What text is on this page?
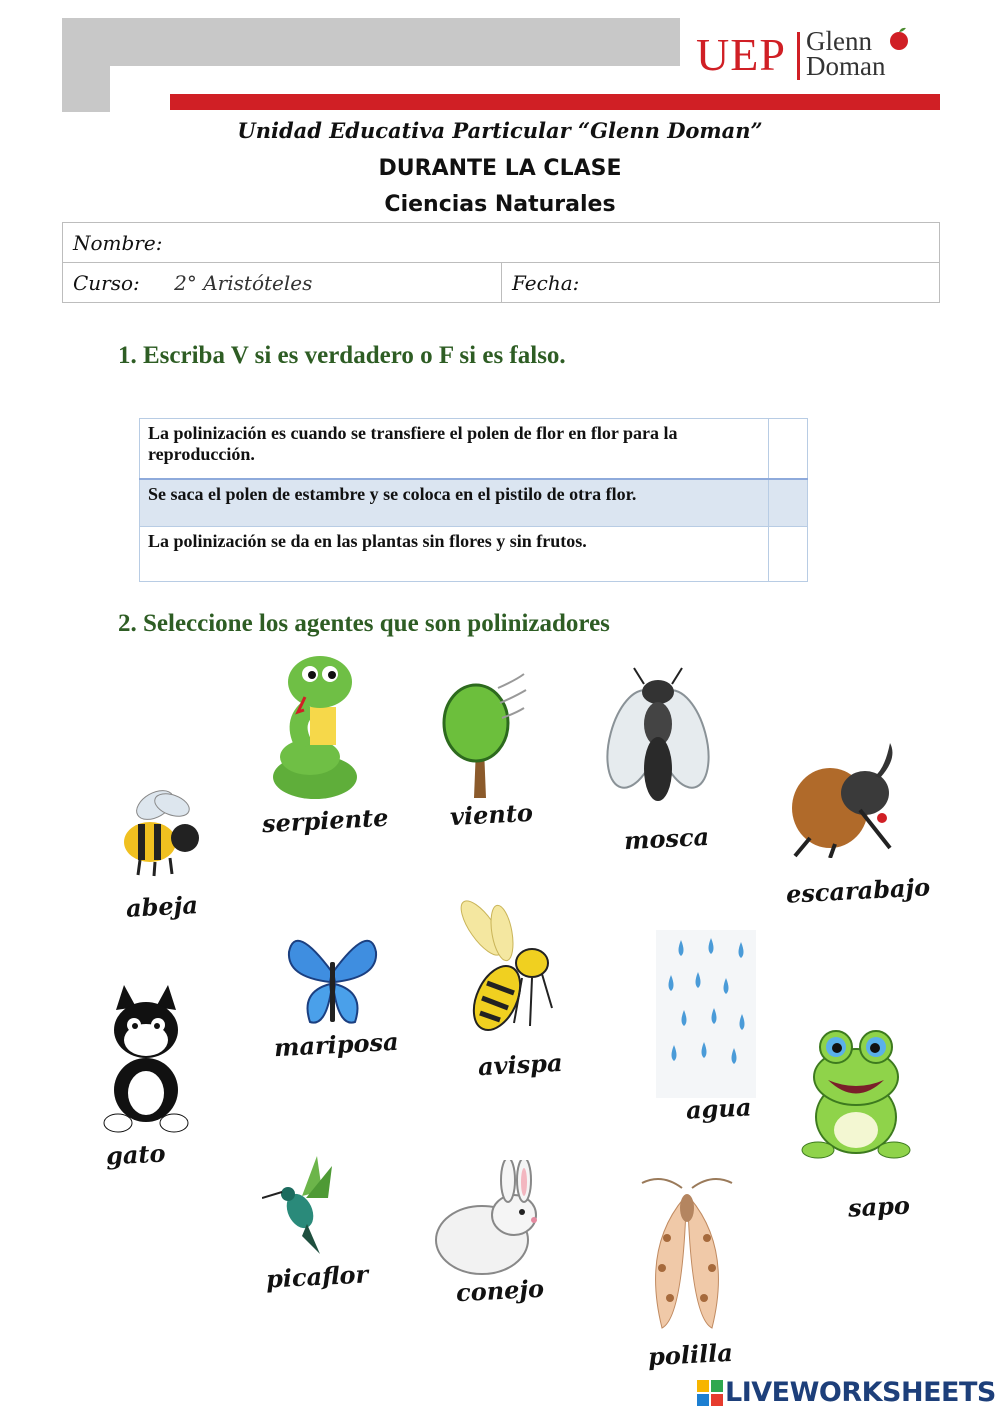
UEP Glenn
Doman
Unidad Educativa Particular “Glenn Doman”
DURANTE LA CLASE
Ciencias Naturales
Nombre:
Curso: 2° Aristóteles	Fecha:
1. Escriba V si es verdadero o F si es falso.
La polinización es cuando se transfiere el polen de flor en flor para la reproducción.	
Se saca el polen de estambre y se coloca en el pistilo de otra flor.	
La polinización se da en las plantas sin flores y sin frutos.	
2. Seleccione los agentes que son polinizadores
serpiente	viento
mosca
abeja	escarabajo
mariposa
avispa
agua
gato
sapo
picaflor	conejo
polilla
LIVEWORKSHEETS
